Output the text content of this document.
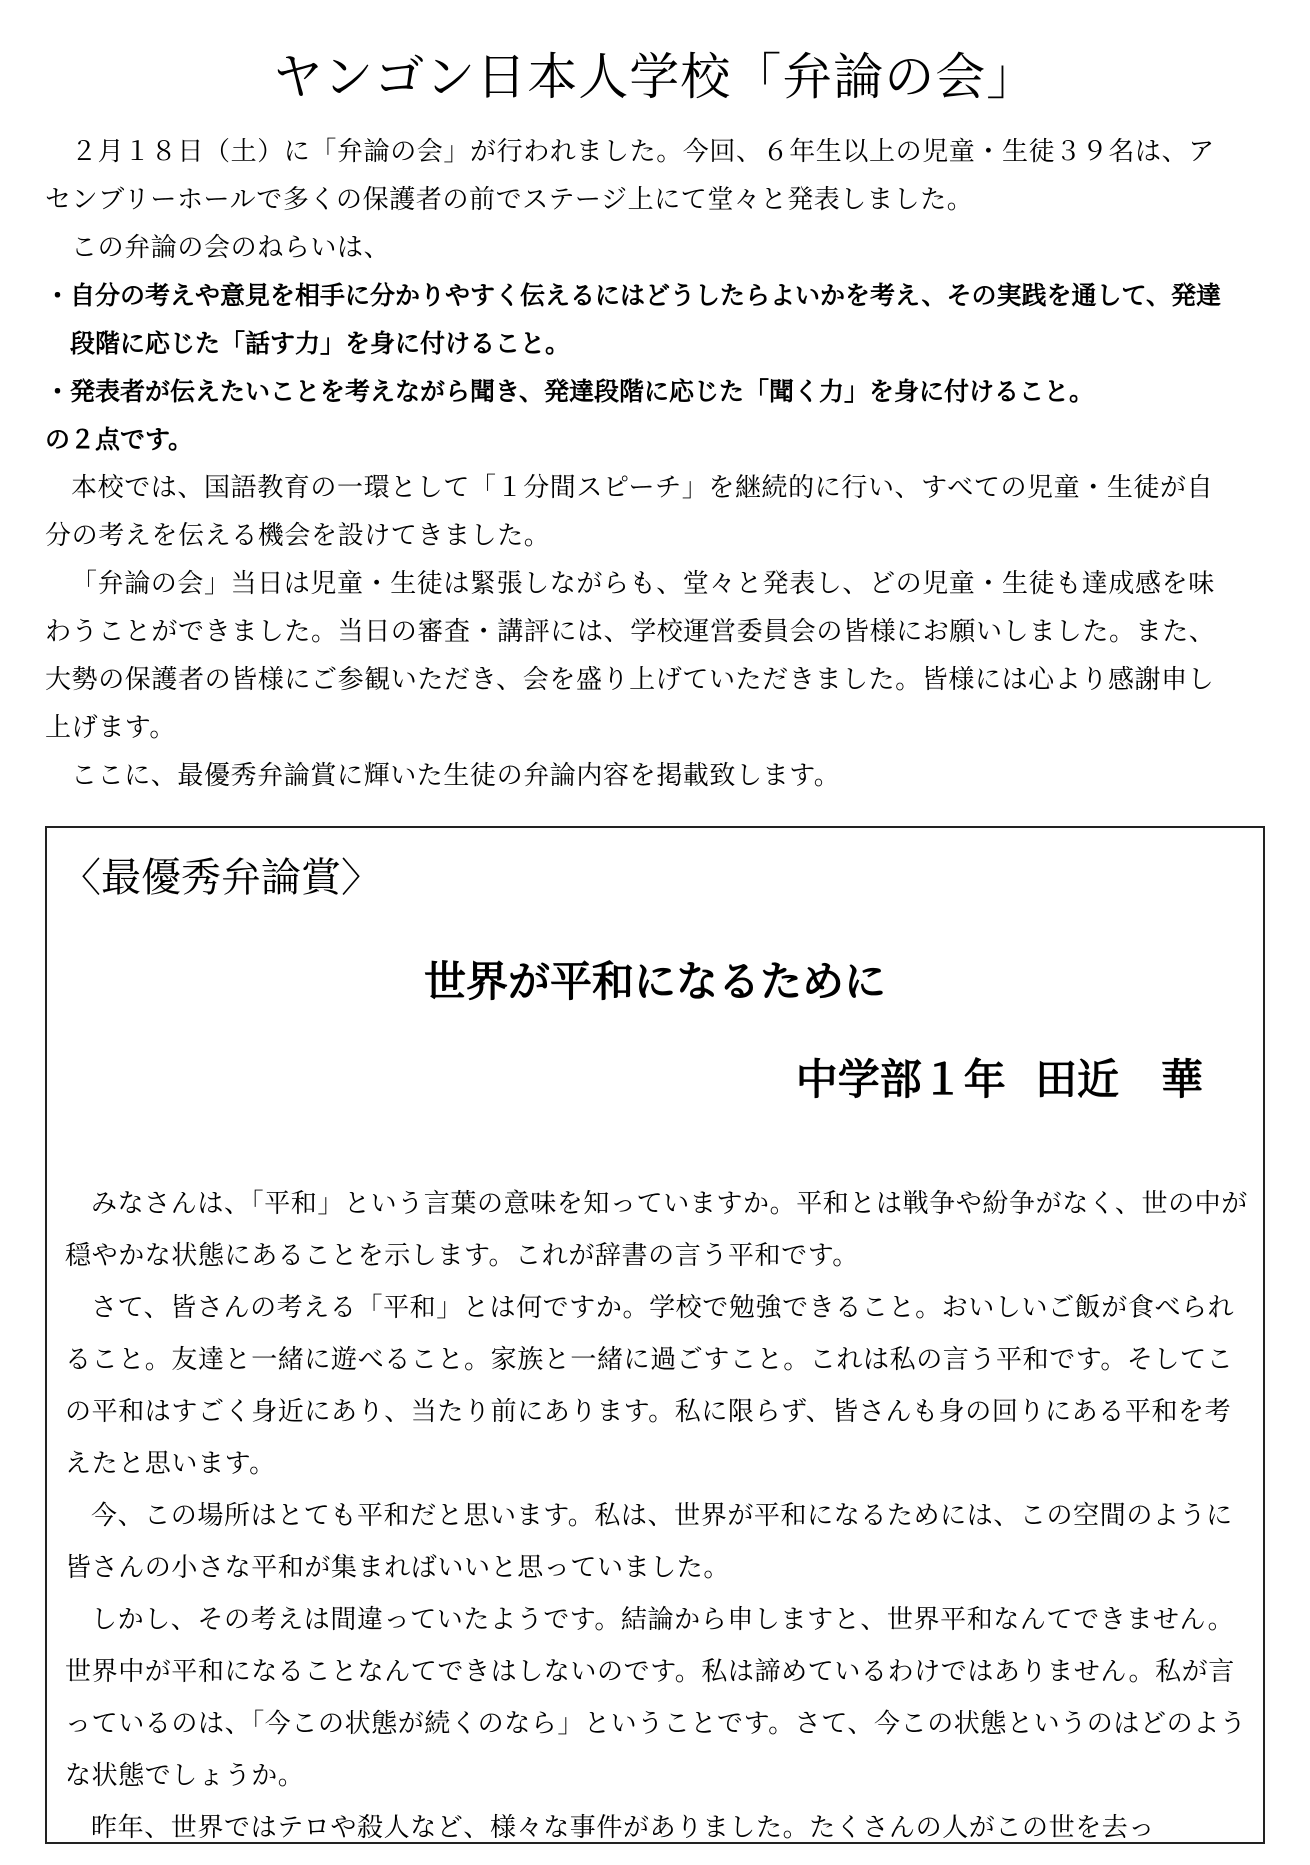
ヤンゴン日本人学校「弁論の会」

２月１８日（土）に「弁論の会」が行われました。今回、６年生以上の児童・生徒３９名は、アセンブリーホールで多くの保護者の前でステージ上にて堂々と発表しました。

この弁論の会のねらいは、

・自分の考えや意見を相手に分かりやすく伝えるにはどうしたらよいかを考え、その実践を通して、発達段階に応じた「話す力」を身に付けること。

・発表者が伝えたいことを考えながら聞き、発達段階に応じた「聞く力」を身に付けること。

の２点です。

本校では、国語教育の一環として「１分間スピーチ」を継続的に行い、すべての児童・生徒が自分の考えを伝える機会を設けてきました。

「弁論の会」当日は児童・生徒は緊張しながらも、堂々と発表し、どの児童・生徒も達成感を味わうことができました。当日の審査・講評には、学校運営委員会の皆様にお願いしました。また、大勢の保護者の皆様にご参観いただき、会を盛り上げていただきました。皆様には心より感謝申し上げます。

ここに、最優秀弁論賞に輝いた生徒の弁論内容を掲載致します。

〈最優秀弁論賞〉
世界が平和になるために
中学部１年  田近　華

みなさんは、「平和」という言葉の意味を知っていますか。平和とは戦争や紛争がなく、世の中が穏やかな状態にあることを示します。これが辞書の言う平和です。

さて、皆さんの考える「平和」とは何ですか。学校で勉強できること。おいしいご飯が食べられること。友達と一緒に遊べること。家族と一緒に過ごすこと。これは私の言う平和です。そしてこの平和はすごく身近にあり、当たり前にあります。私に限らず、皆さんも身の回りにある平和を考えたと思います。

今、この場所はとても平和だと思います。私は、世界が平和になるためには、この空間のように皆さんの小さな平和が集まればいいと思っていました。

しかし、その考えは間違っていたようです。結論から申しますと、世界平和なんてできません。世界中が平和になることなんてできはしないのです。私は諦めているわけではありません。私が言っているのは、「今この状態が続くのなら」ということです。さて、今この状態というのはどのような状態でしょうか。

昨年、世界ではテロや殺人など、様々な事件がありました。たくさんの人がこの世を去っ
